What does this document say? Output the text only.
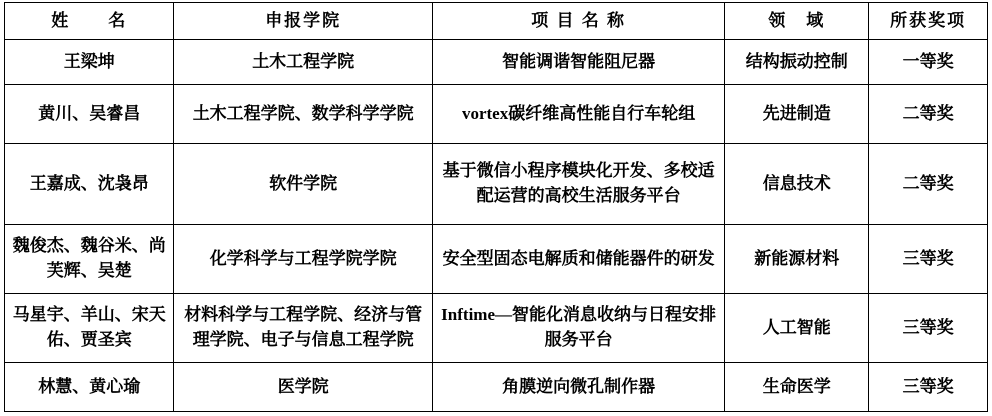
姓　　名	申报学院	项 目 名 称	领　域	所获奖项
王梁坤	土木工程学院	智能调谐智能阻尼器	结构振动控制	一等奖
黄川、吴睿昌	土木工程学院、数学科学学院	vortex碳纤维高性能自行车轮组	先进制造	二等奖
王嘉成、沈袅昂	软件学院	基于微信小程序模块化开发、多校适配运营的高校生活服务平台	信息技术	二等奖
魏俊杰、魏谷米、尚芙辉、吴楚	化学科学与工程学院学院	安全型固态电解质和储能器件的研发	新能源材料	三等奖
马星宇、羊山、宋天佑、贾圣宾	材料科学与工程学院、经济与管理学院、电子与信息工程学院	Inftime—智能化消息收纳与日程安排服务平台	人工智能	三等奖
林慧、黄心瑜	医学院	角膜逆向微孔制作器	生命医学	三等奖
